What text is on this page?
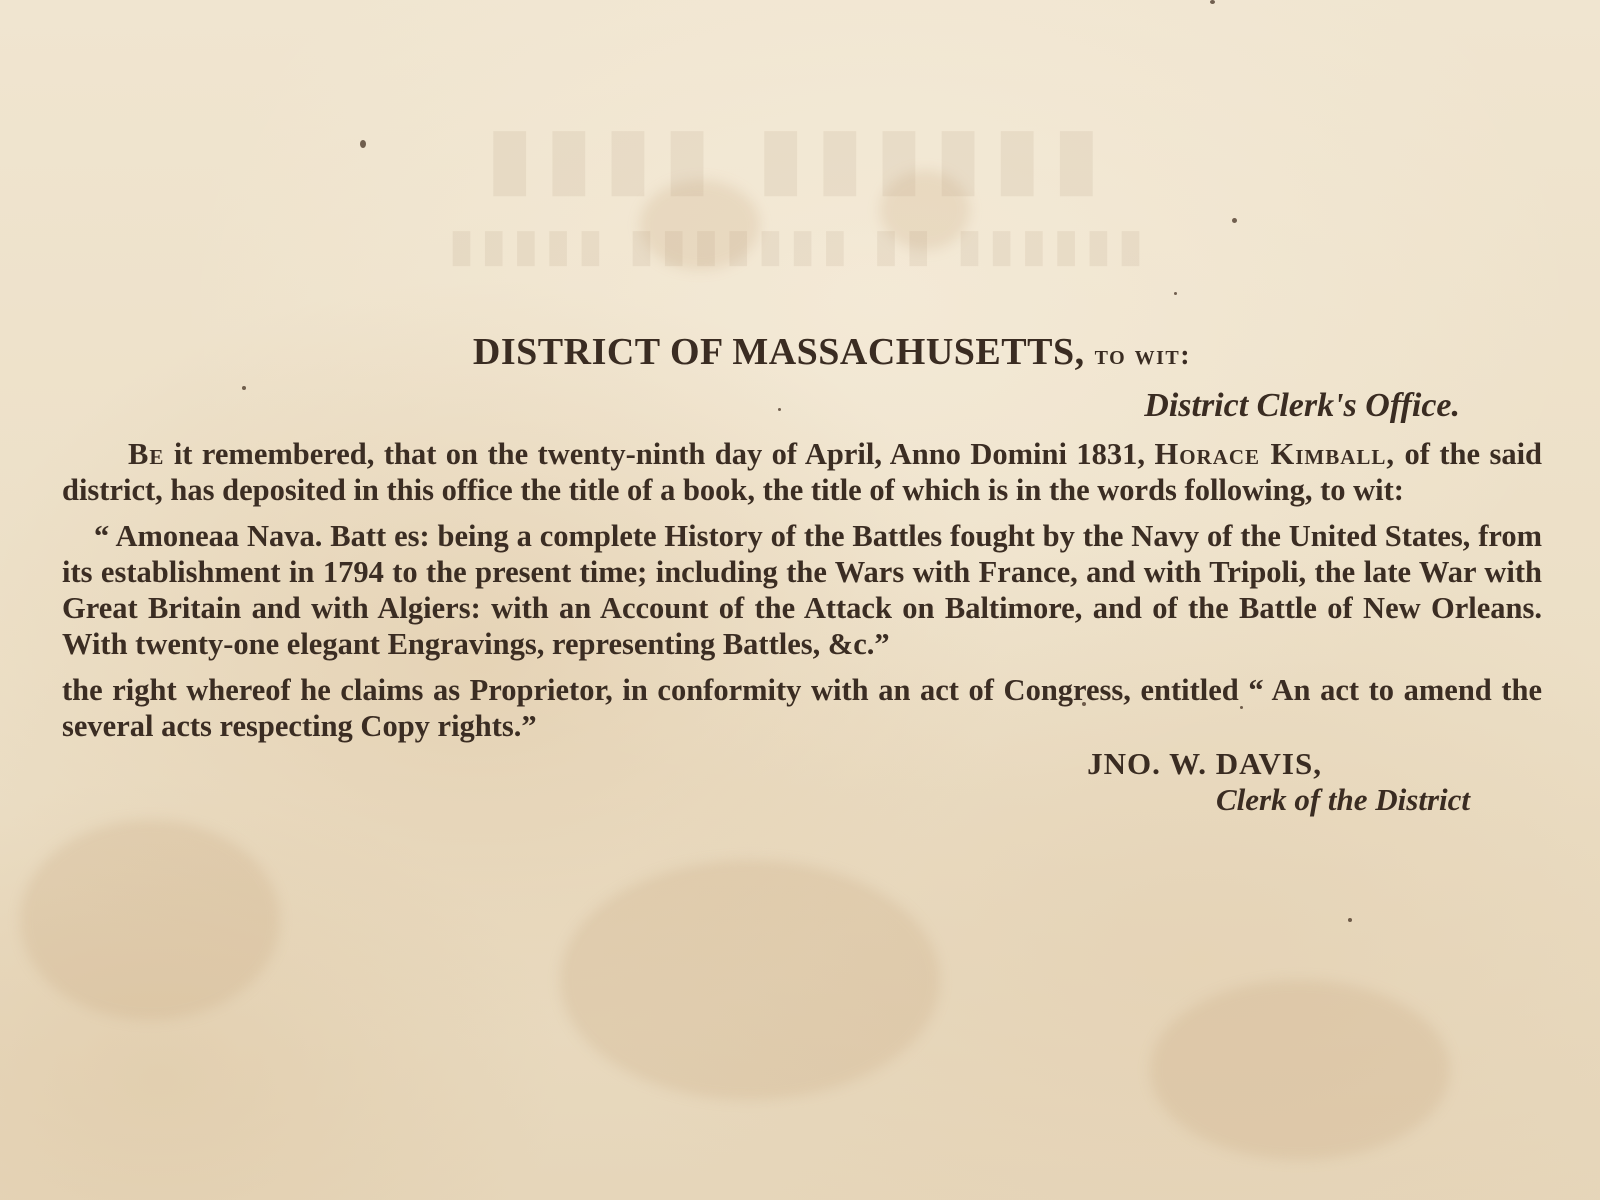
▮▮▮▮ ▮▮▮▮▮▮
▮▮▮▮▮ ▮▮▮▮▮▮▮ ▮▮ ▮▮▮▮▮▮
DISTRICT OF MASSACHUSETTS, to wit:
District Clerk's Office.

Be it remembered, that on the twenty-ninth day of April, Anno Domini 1831, Horace Kimball, of the said district, has deposited in this office the title of a book, the title of which is in the words following, to wit:

“ Amoneaa Nava. Batt es: being a complete History of the Battles fought by the Navy of the United States, from its establishment in 1794 to the present time; including the Wars with France, and with Tripoli, the late War with Great Britain and with Algiers: with an Account of the Attack on Baltimore, and of the Battle of New Orleans. With twenty-one elegant Engravings, representing Battles, &c.”

the right whereof he claims as Proprietor, in conformity with an act of Congress, entitled “ An act to amend the several acts respecting Copy rights.”

JNO. W. DAVIS,
Clerk of the District
